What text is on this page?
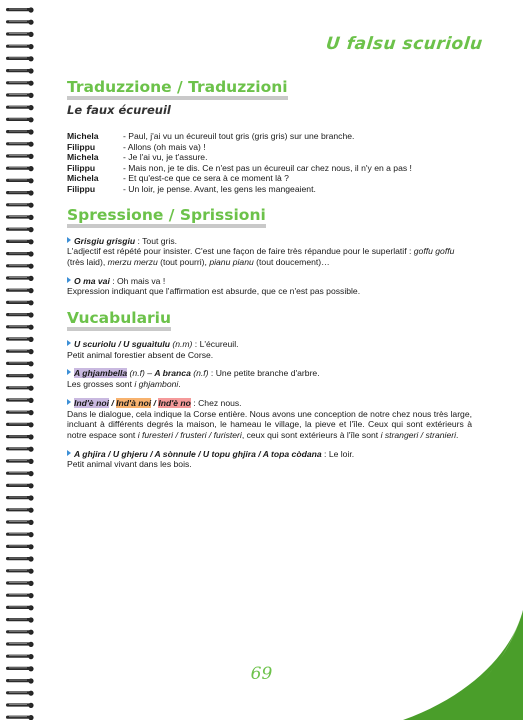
U falsu scuriolu
Traduzzione / Traduzzioni
Le faux écureuil
Michela	- Paul, j'ai vu un écureuil tout gris (gris gris) sur une branche.
Filippu	- Allons (oh mais va) !
Michela	- Je l'ai vu, je t'assure.
Filippu	- Mais non, je te dis. Ce n'est pas un écureuil car chez nous, il n'y en a pas !
Michela	- Et qu'est-ce que ce sera à ce moment là ?
Filippu	- Un loir, je pense. Avant, les gens les mangeaient.
Spressione / Sprissioni
Grisgiu grisgiu : Tout gris.
L'adjectif est répété pour insister. C'est une façon de faire très répandue pour le superlatif : goffu goffu (très laid), merzu merzu (tout pourri), pianu pianu (tout doucement)…
O ma vai : Oh mais va !
Expression indiquant que l'affirmation est absurde, que ce n'est pas possible.
Vucabulariu
U scuriolu / U sguaìtulu (n.m) : L'écureuil.
Petit animal forestier absent de Corse.
A ghjambella (n.f) – A branca (n.f) : Une petite branche d'arbre.
Les grosses sont i ghjamboni.
Ind'è noi / Ind'à noi / Ind'è no : Chez nous.
Dans le dialogue, cela indique la Corse entière. Nous avons une conception de notre chez nous très large, incluant à différents degrés la maison, le hameau le village, la pieve et l'île. Ceux qui sont extérieurs à notre espace sont i furesteri / frusteri / furisteri, ceux qui sont extérieurs à l'île sont i strangeri / stranieri.
A ghjira / U ghjeru / A sònnule / U topu ghjira / A topa còdana : Le loir.
Petit animal vivant dans les bois.
69
